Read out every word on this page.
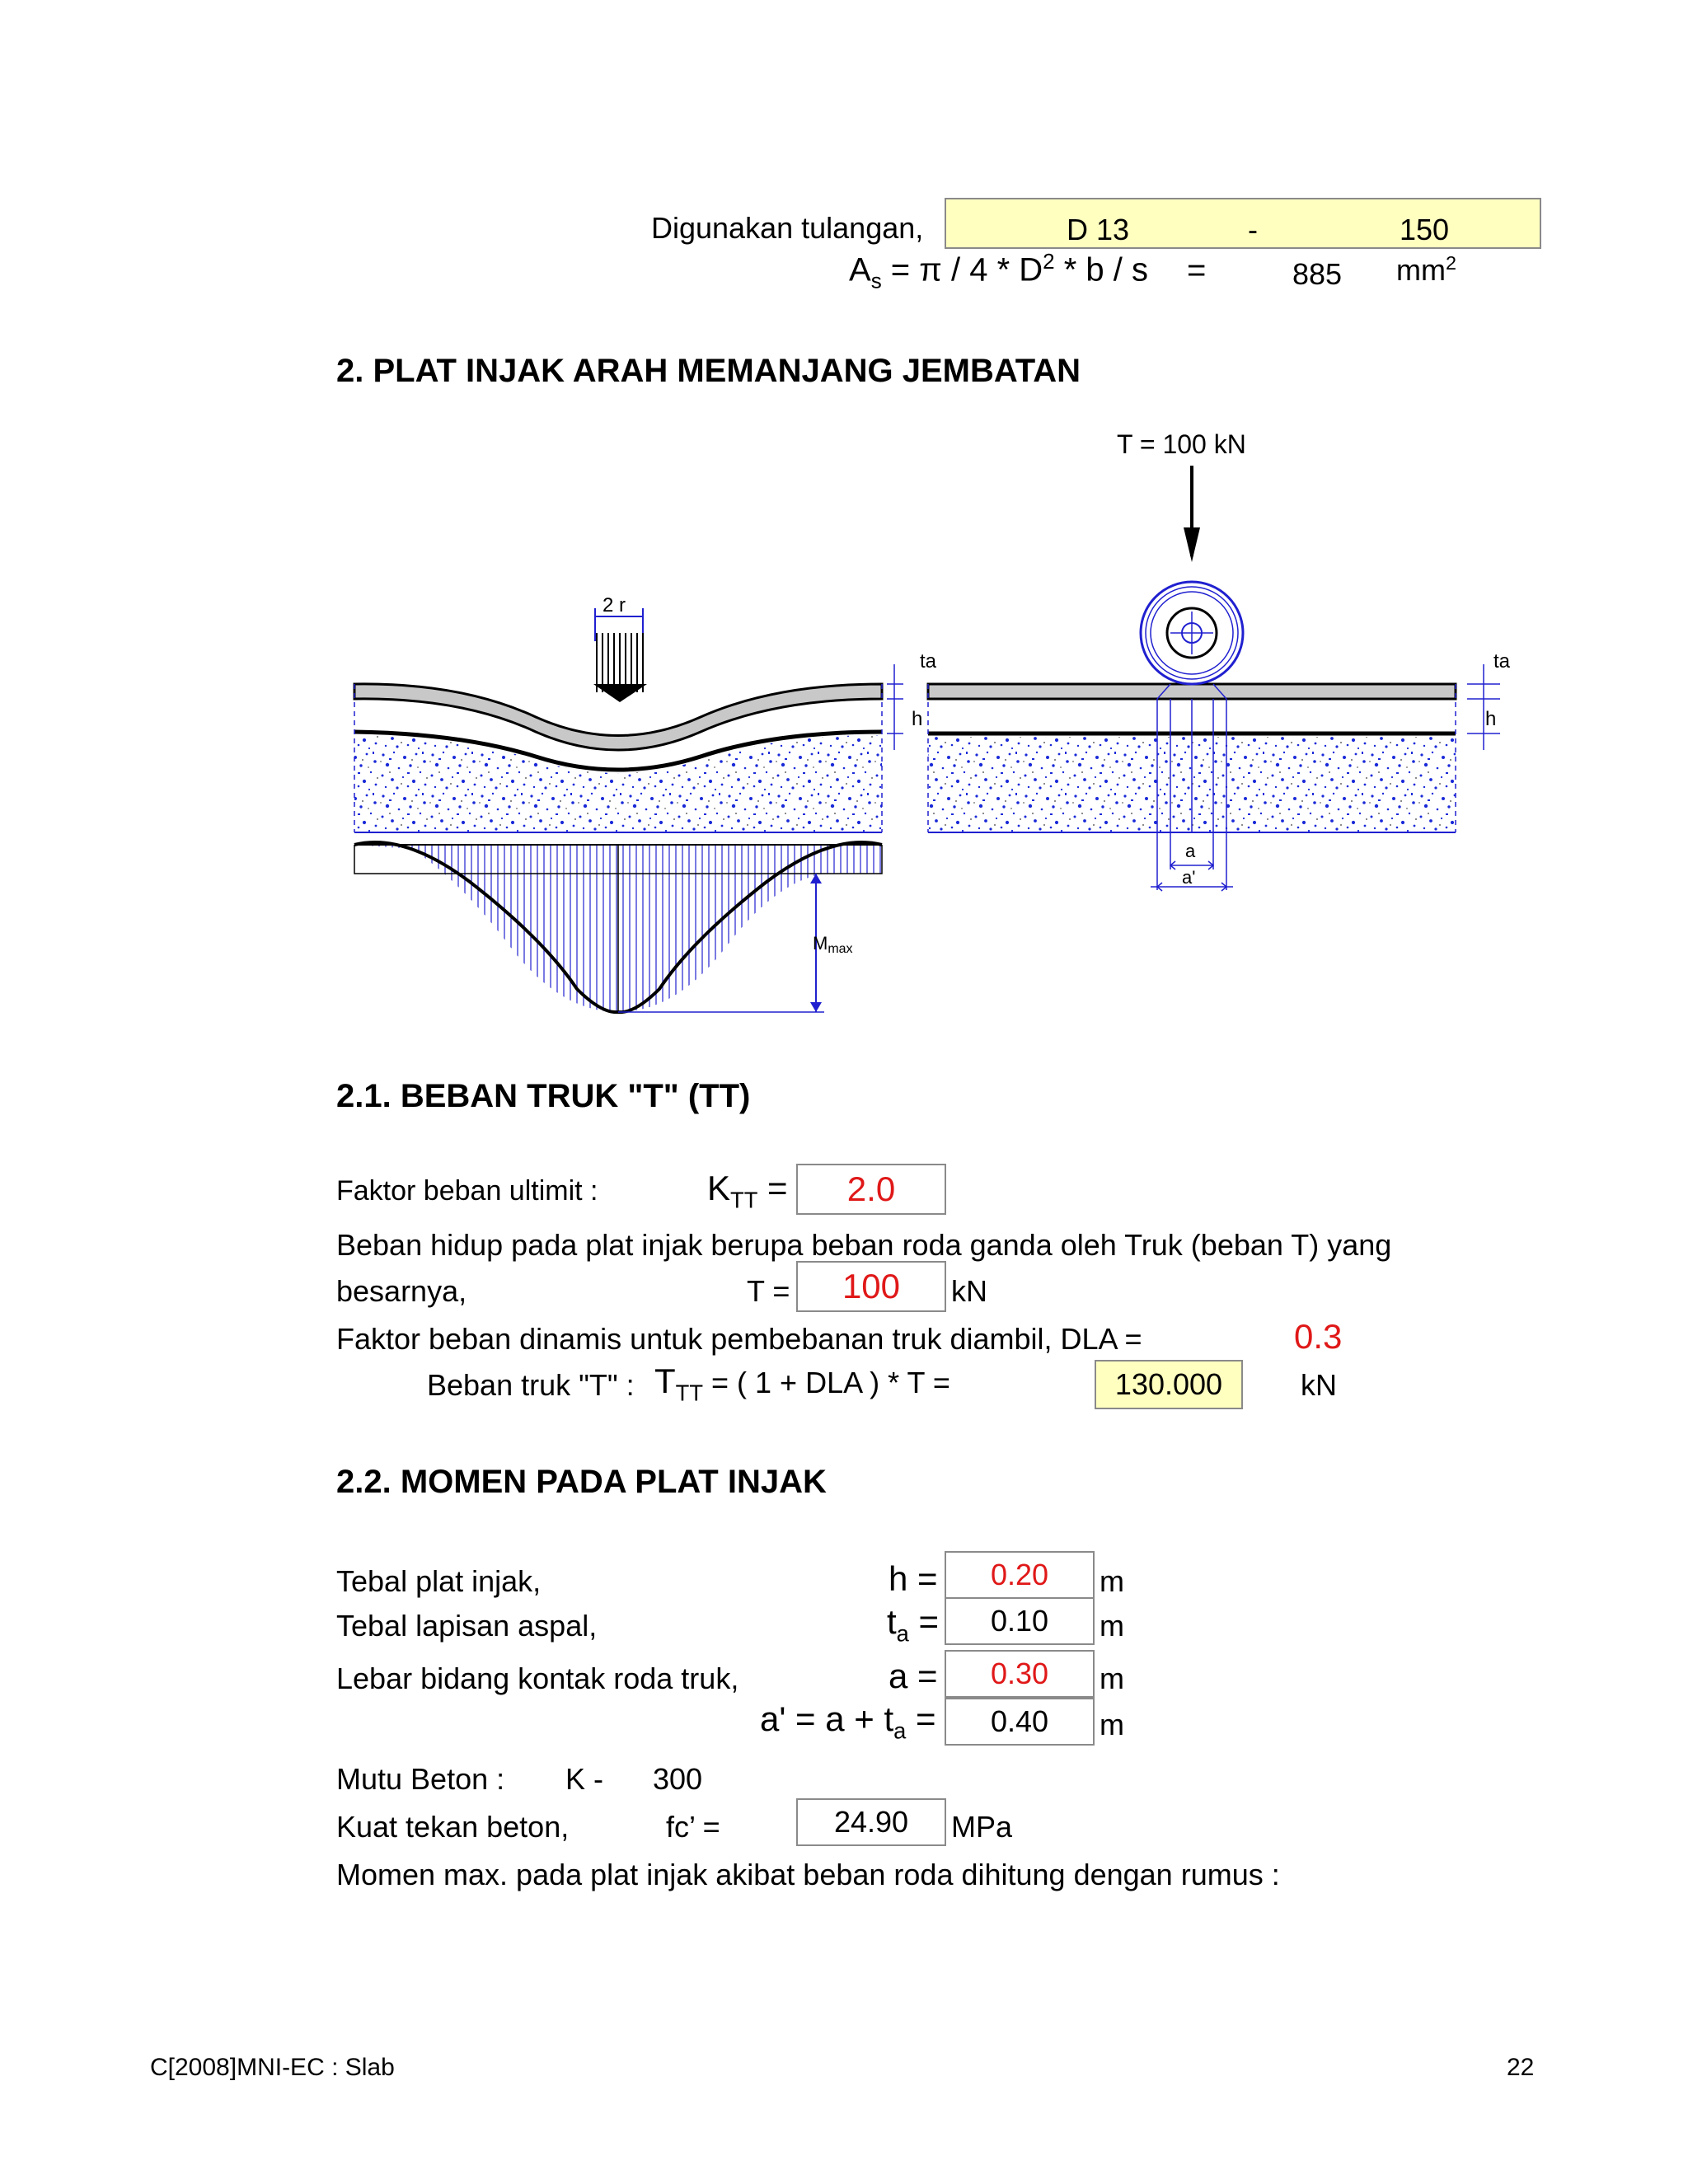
Digunakan tulangan,	D 13	-	150
$A_s = \pi / 4 * D^2 * b / s$ =	885 $mm^2$
2. PLAT INJAK ARAH MEMANJANG JEMBATAN
2 r
Mmax
T = 100 kN
a
a'
ta
h
ta
h
2.1. BEBAN TRUK "T" (TT)
Faktor beban ultimit :	$K_{TT} = 2.0$
Beban hidup pada plat injak berupa beban roda ganda oleh Truk (beban T) yang
besarnya,	T = 100 kN
Faktor beban dinamis untuk pembebanan truk diambil, DLA =	0.3
Beban truk "T" : $T_{TT}$ = ( 1 + DLA ) * T =	130.000	kN
2.2. MOMEN PADA PLAT INJAK
Tebal plat injak,	h = 0.20 m
Tebal lapisan aspal,	$t_a = 0.10$ m
Lebar bidang kontak roda truk,	a = 0.30 m
$a' = a + t_a = 0.40$ m
Mutu Beton : K - 300
Kuat tekan beton,	fc’ =	24.90 MPa
Momen max. pada plat injak akibat beban roda dihitung dengan rumus :
C[2008]MNI-EC : Slab	22
